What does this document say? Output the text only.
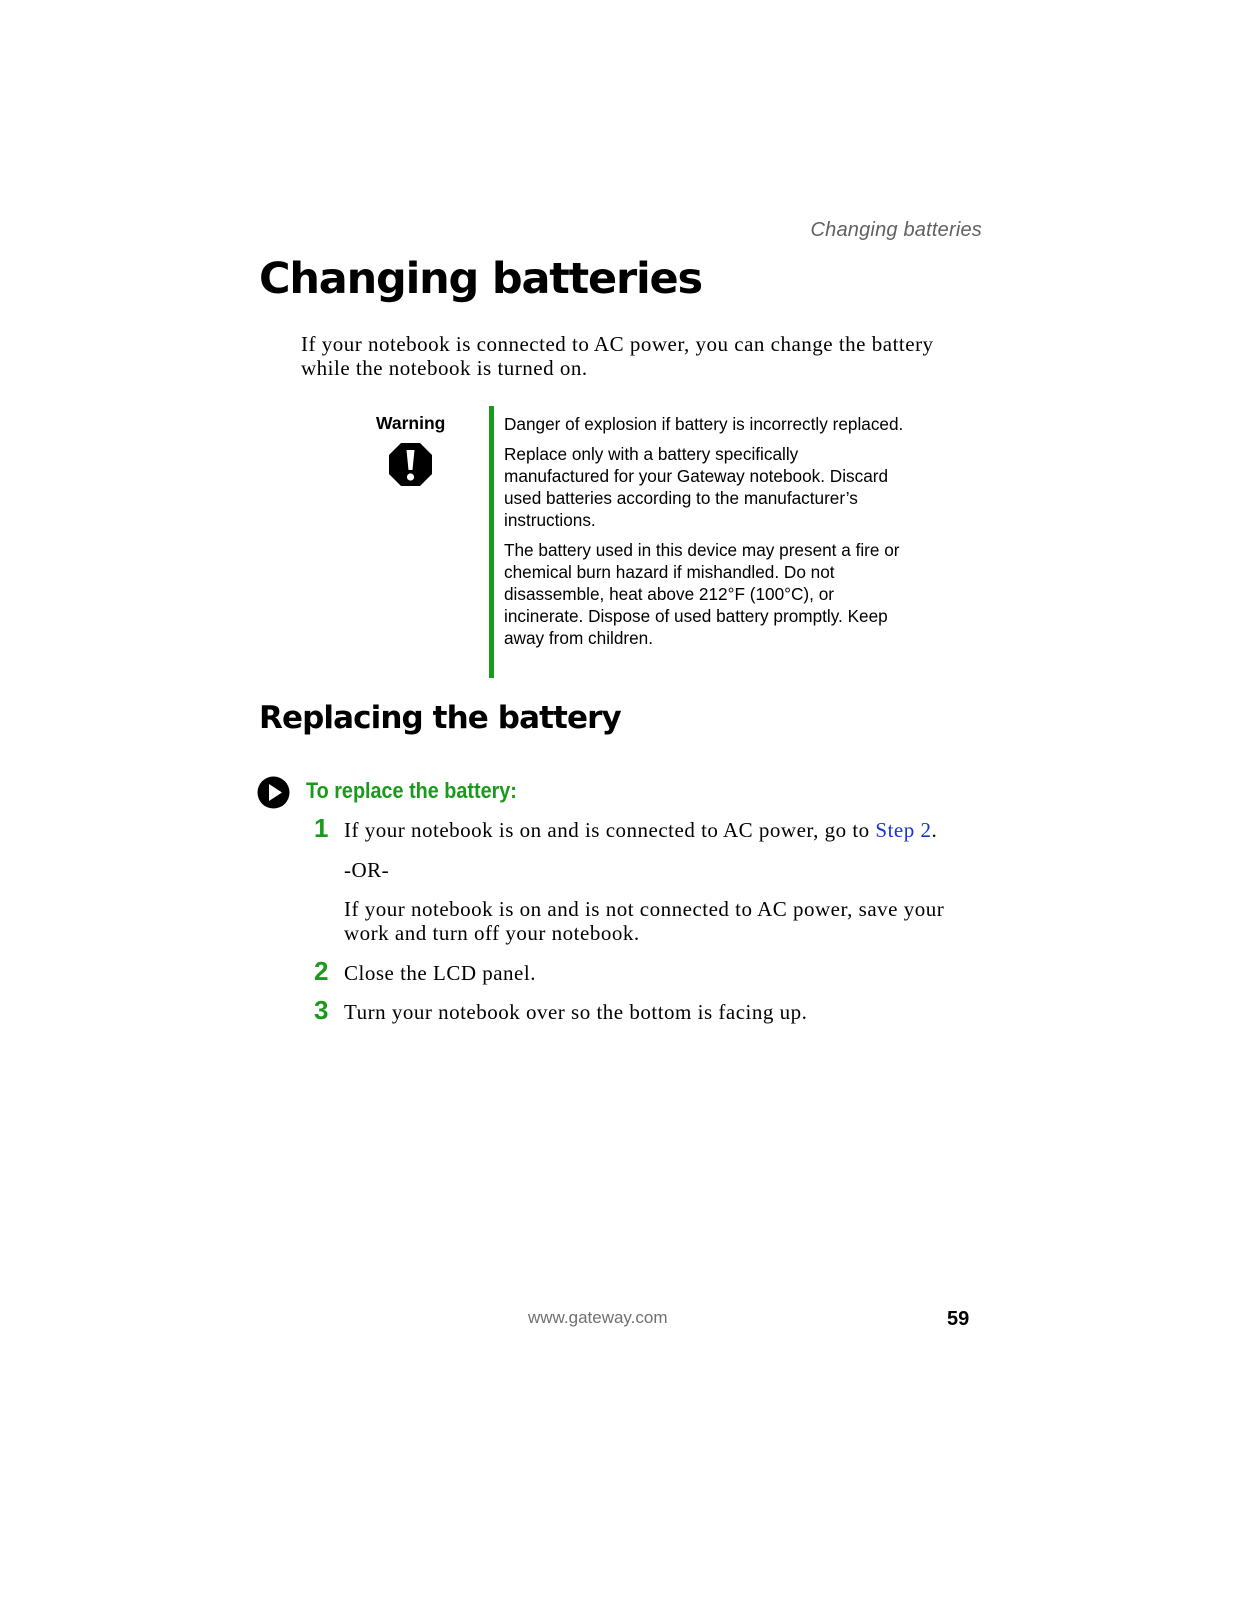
Changing batteries
Changing batteries

If your notebook is connected to AC power, you can change the battery while the notebook is turned on.

Warning	Danger of explosion if battery is incorrectly replaced.

Replace only with a battery specifically manufactured for your Gateway notebook. Discard used batteries according to the manufacturer’s instructions.

The battery used in this device may present a fire or chemical burn hazard if mishandled. Do not disassemble, heat above 212°F (100°C), or incinerate. Dispose of used battery promptly. Keep away from children.

Replacing the battery
To replace the battery:
1 If your notebook is on and is connected to AC power, go to Step 2.

-OR-

If your notebook is on and is not connected to AC power, save your work and turn off your notebook.

2 Close the LCD panel.

3 Turn your notebook over so the bottom is facing up.

www.gateway.com	59
